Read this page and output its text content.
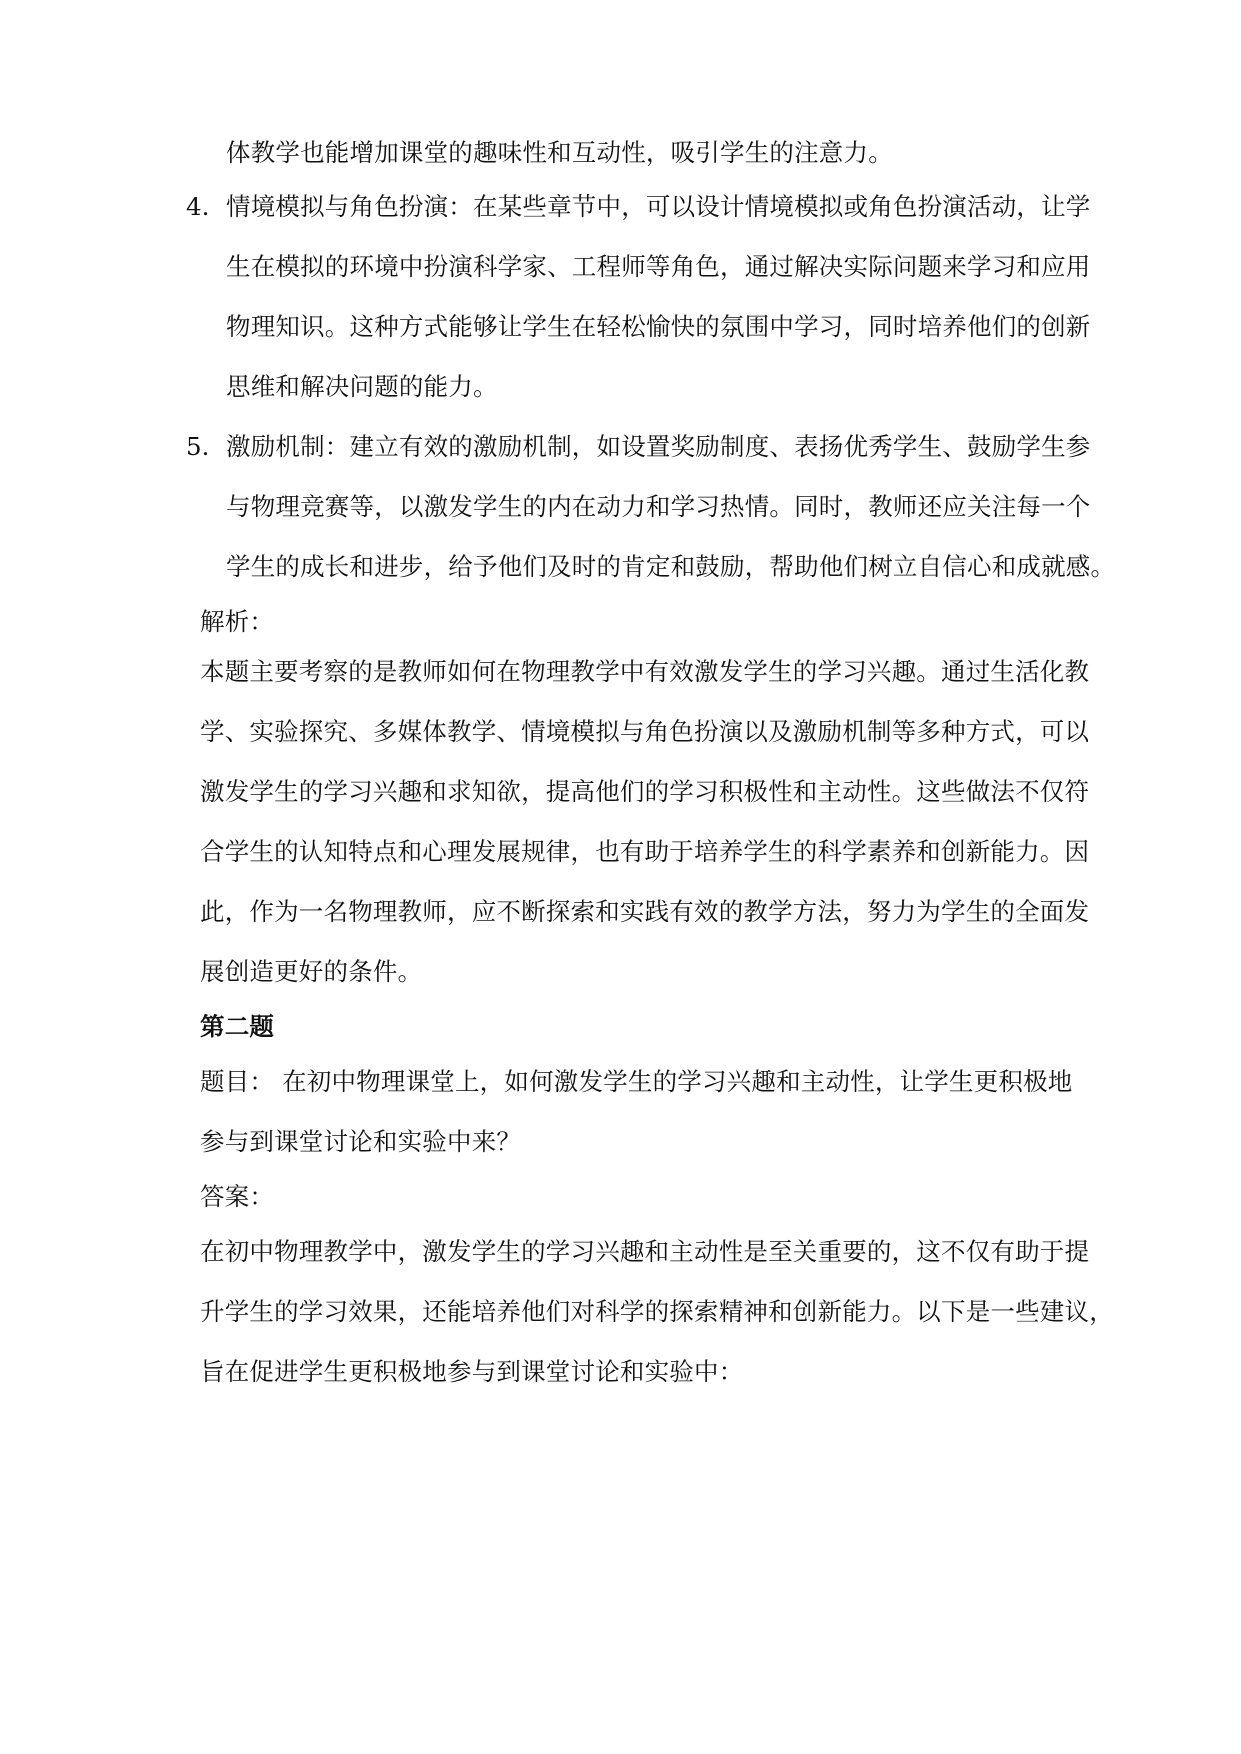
体教学也能增加课堂的趣味性和互动性，吸引学生的注意力。
4. 情境模拟与角色扮演：在某些章节中，可以设计情境模拟或角色扮演活动，让学
生在模拟的环境中扮演科学家、工程师等角色，通过解决实际问题来学习和应用
物理知识。这种方式能够让学生在轻松愉快的氛围中学习，同时培养他们的创新
思维和解决问题的能力。
5. 激励机制：建立有效的激励机制，如设置奖励制度、表扬优秀学生、鼓励学生参
与物理竞赛等，以激发学生的内在动力和学习热情。同时，教师还应关注每一个
学生的成长和进步，给予他们及时的肯定和鼓励，帮助他们树立自信心和成就感。
解析：
本题主要考察的是教师如何在物理教学中有效激发学生的学习兴趣。通过生活化教
学、实验探究、多媒体教学、情境模拟与角色扮演以及激励机制等多种方式，可以
激发学生的学习兴趣和求知欲，提高他们的学习积极性和主动性。这些做法不仅符
合学生的认知特点和心理发展规律，也有助于培养学生的科学素养和创新能力。因
此，作为一名物理教师，应不断探索和实践有效的教学方法，努力为学生的全面发
展创造更好的条件。
第二题
题目： 在初中物理课堂上，如何激发学生的学习兴趣和主动性，让学生更积极地
参与到课堂讨论和实验中来？
答案：
在初中物理教学中，激发学生的学习兴趣和主动性是至关重要的，这不仅有助于提
升学生的学习效果，还能培养他们对科学的探索精神和创新能力。以下是一些建议，
旨在促进学生更积极地参与到课堂讨论和实验中：
